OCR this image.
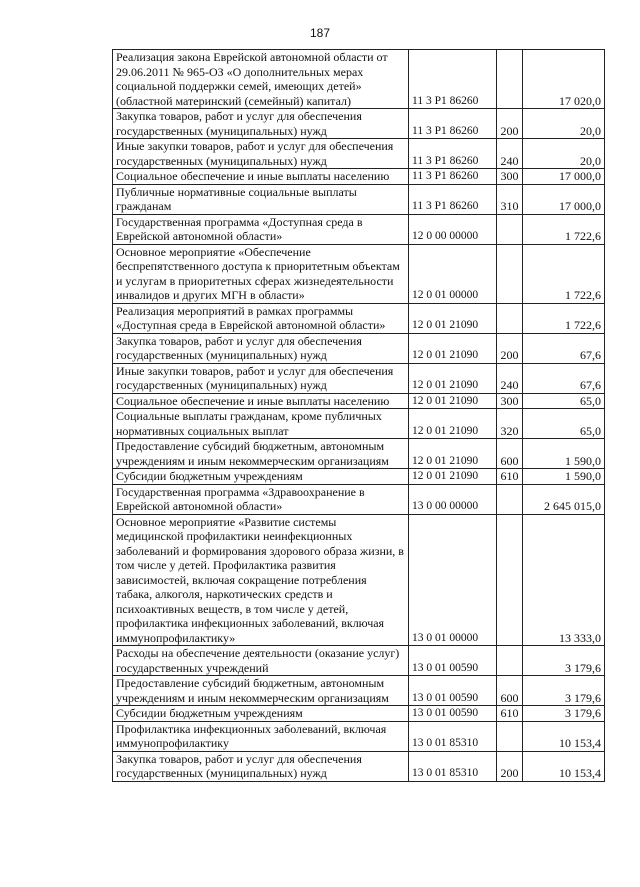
187
Реализация закона Еврейской автономной области от 29.06.2011 № 965-ОЗ «О дополнительных мерах социальной поддержки семей, имеющих детей» (областной материнский (семейный) капитал)	11 3 Р1 86260		17 020,0
Закупка товаров, работ и услуг для обеспечения государственных (муниципальных) нужд	11 3 Р1 86260	200	20,0
Иные закупки товаров, работ и услуг для обеспечения государственных (муниципальных) нужд	11 3 Р1 86260	240	20,0
Социальное обеспечение и иные выплаты населению	11 3 Р1 86260	300	17 000,0
Публичные нормативные социальные выплаты гражданам	11 3 Р1 86260	310	17 000,0
Государственная программа «Доступная среда в Еврейской автономной области»	12 0 00 00000		1 722,6
Основное мероприятие «Обеспечение беспрепятственного доступа к приоритетным объектам и услугам в приоритетных сферах жизнедеятельности инвалидов и других МГН в области»	12 0 01 00000		1 722,6
Реализация мероприятий в рамках программы «Доступная среда в Еврейской автономной области»	12 0 01 21090		1 722,6
Закупка товаров, работ и услуг для обеспечения государственных (муниципальных) нужд	12 0 01 21090	200	67,6
Иные закупки товаров, работ и услуг для обеспечения государственных (муниципальных) нужд	12 0 01 21090	240	67,6
Социальное обеспечение и иные выплаты населению	12 0 01 21090	300	65,0
Социальные выплаты гражданам, кроме публичных нормативных социальных выплат	12 0 01 21090	320	65,0
Предоставление субсидий бюджетным, автономным учреждениям и иным некоммерческим организациям	12 0 01 21090	600	1 590,0
Субсидии бюджетным учреждениям	12 0 01 21090	610	1 590,0
Государственная программа «Здравоохранение в Еврейской автономной области»	13 0 00 00000		2 645 015,0
Основное мероприятие «Развитие системы медицинской профилактики неинфекционных заболеваний и формирования здорового образа жизни, в том числе у детей. Профилактика развития зависимостей, включая сокращение потребления табака, алкоголя, наркотических средств и психоактивных веществ, в том числе у детей, профилактика инфекционных заболеваний, включая иммунопрофилактику»	13 0 01 00000		13 333,0
Расходы на обеспечение деятельности (оказание услуг) государственных учреждений	13 0 01 00590		3 179,6
Предоставление субсидий бюджетным, автономным учреждениям и иным некоммерческим организациям	13 0 01 00590	600	3 179,6
Субсидии бюджетным учреждениям	13 0 01 00590	610	3 179,6
Профилактика инфекционных заболеваний, включая иммунопрофилактику	13 0 01 85310		10 153,4
Закупка товаров, работ и услуг для обеспечения государственных (муниципальных) нужд	13 0 01 85310	200	10 153,4
